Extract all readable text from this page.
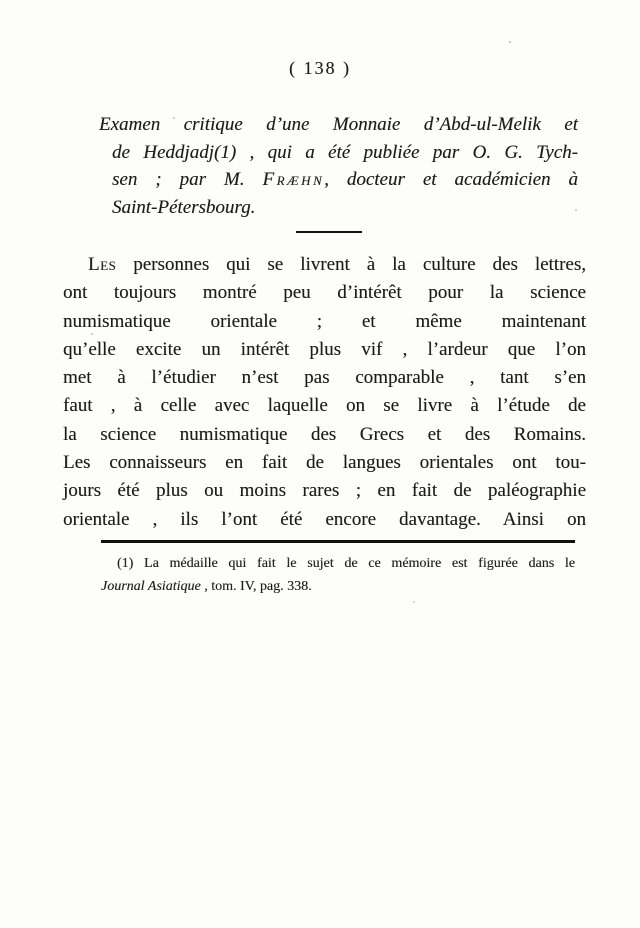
( 138 )
Examen critique d’une Monnaie d’Abd-ul-Melik et
de Heddjadj(1) , qui a été publiée par O. G. Tych-
sen ; par M. Fræhn, docteur et académicien à
Saint-Pétersbourg.
Les personnes qui se livrent à la culture des lettres,
ont toujours montré peu d’intérêt pour la science
numismatique orientale ; et même maintenant
qu’elle excite un intérêt plus vif , l’ardeur que l’on
met à l’étudier n’est pas comparable , tant s’en
faut , à celle avec laquelle on se livre à l’étude de
la science numismatique des Grecs et des Romains.
Les connaisseurs en fait de langues orientales ont tou-
jours été plus ou moins rares ; en fait de paléographie
orientale , ils l’ont été encore davantage. Ainsi on
(1) La médaille qui fait le sujet de ce mémoire est figurée dans le
Journal Asiatique , tom. IV, pag. 338.
